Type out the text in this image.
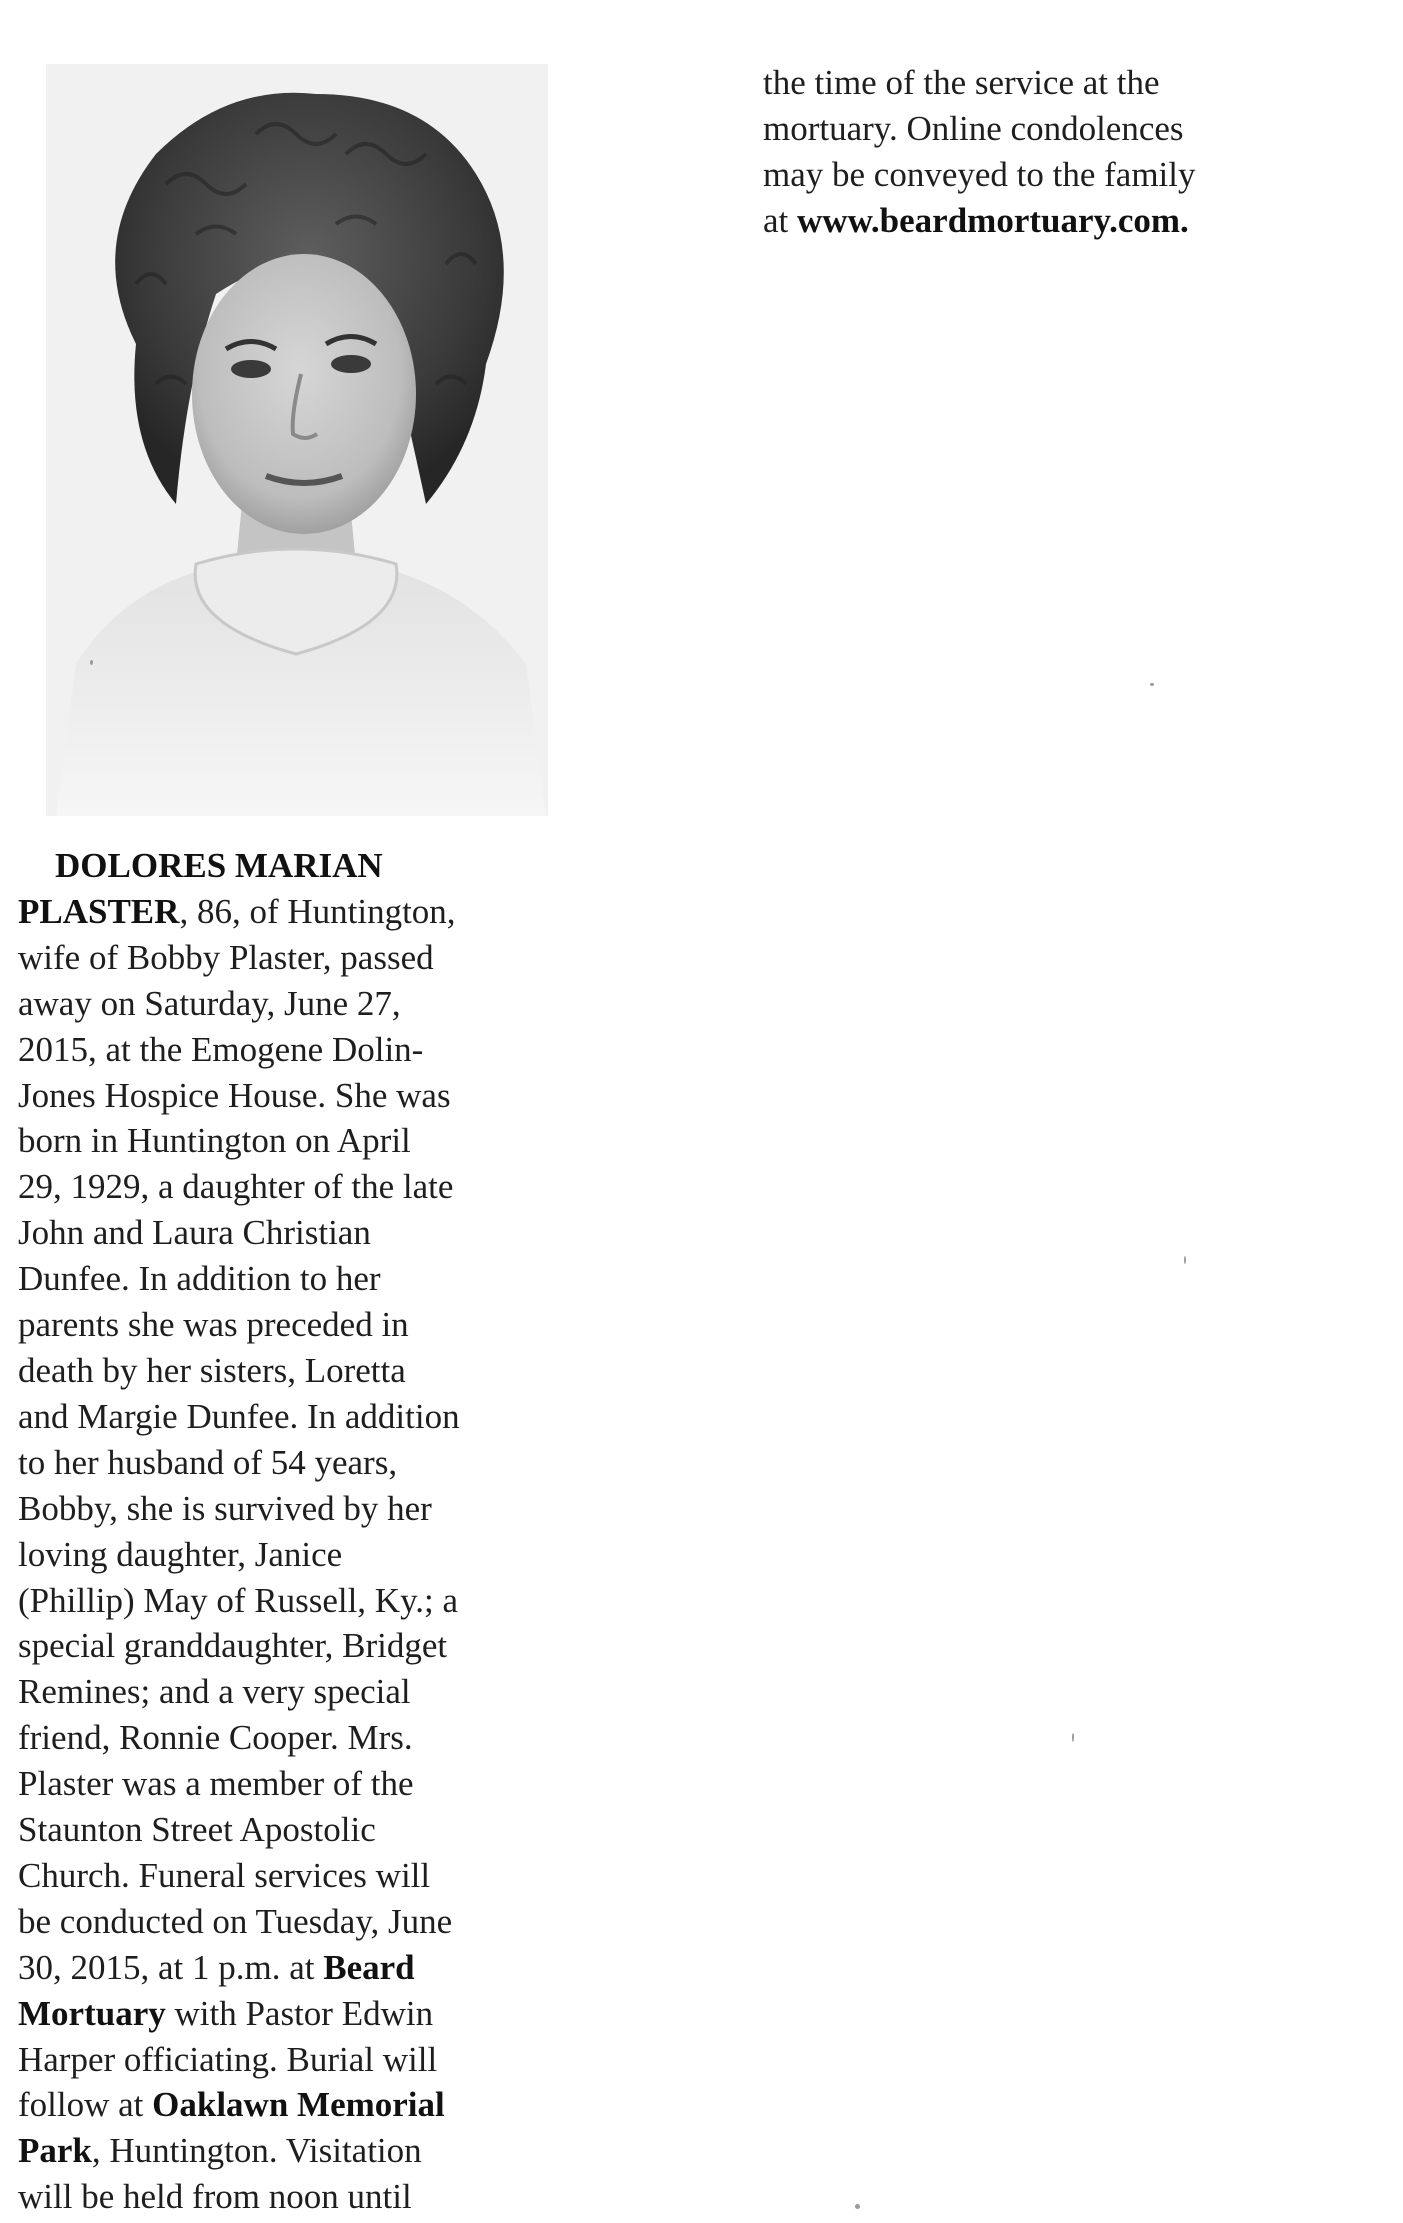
DOLORES MARIAN
PLASTER, 86, of Huntington,
wife of Bobby Plaster, passed
away on Saturday, June 27,
2015, at the Emogene Dolin-
Jones Hospice House. She was
born in Huntington on April
29, 1929, a daughter of the late
John and Laura Christian
Dunfee. In addition to her
parents she was preceded in
death by her sisters, Loretta
and Margie Dunfee. In addition
to her husband of 54 years,
Bobby, she is survived by her
loving daughter, Janice
(Phillip) May of Russell, Ky.; a
special granddaughter, Bridget
Remines; and a very special
friend, Ronnie Cooper. Mrs.
Plaster was a member of the
Staunton Street Apostolic
Church. Funeral services will
be conducted on Tuesday, June
30, 2015, at 1 p.m. at Beard
Mortuary with Pastor Edwin
Harper officiating. Burial will
follow at Oaklawn Memorial
Park, Huntington. Visitation
will be held from noon until
the time of the service at the
mortuary. Online condolences
may be conveyed to the family
at www.beardmortuary.com.
